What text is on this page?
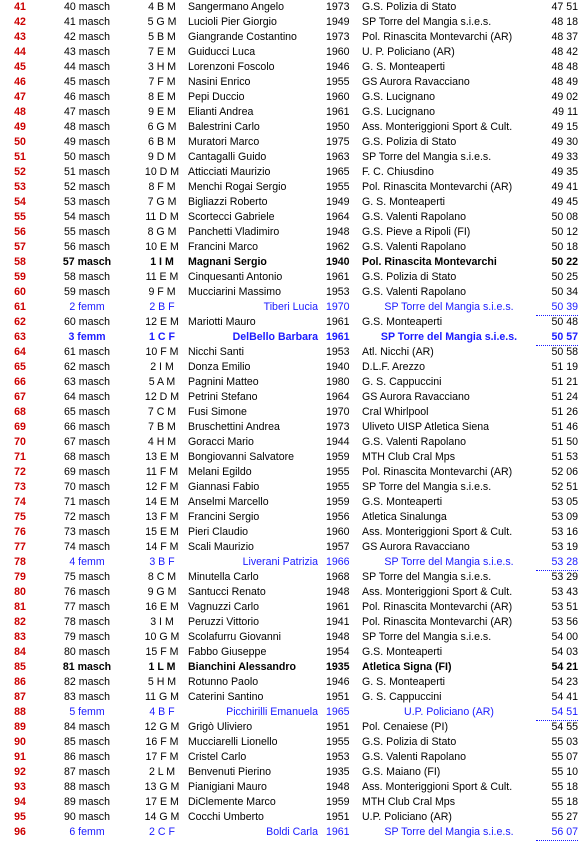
41	40 masch	4 B M	Sangermano Angelo	1973	G.S. Polizia di Stato	47 51
42	41 masch	5 G M	Lucioli Pier Giorgio	1949	SP Torre del Mangia s.i.e.s.	48 18
43	42 masch	5 B M	Giangrande Costantino	1973	Pol. Rinascita Montevarchi (AR)	48 37
44	43 masch	7 E M	Guiducci Luca	1960	U. P. Policiano (AR)	48 42
45	44 masch	3 H M	Lorenzoni Foscolo	1946	G. S. Monteaperti	48 48
46	45 masch	7 F M	Nasini Enrico	1955	GS Aurora Ravacciano	48 49
47	46 masch	8 E M	Pepi Duccio	1960	G.S. Lucignano	49 02
48	47 masch	9 E M	Elianti Andrea	1961	G.S. Lucignano	49 11
49	48 masch	6 G M	Balestrini Carlo	1950	Ass. Monteriggioni Sport & Cult.	49 15
50	49 masch	6 B M	Muratori Marco	1975	G.S. Polizia di Stato	49 30
51	50 masch	9 D M	Cantagalli Guido	1963	SP Torre del Mangia s.i.e.s.	49 33
52	51 masch	10 D M Atticciati Maurizio	1965	F. C. Chiusdino	49 35
53	52 masch	8 F M	Menchi Rogai Sergio	1955	Pol. Rinascita Montevarchi (AR)	49 41
54	53 masch	7 G M	Bigliazzi Roberto	1949	G. S. Monteaperti	49 45
55	54 masch	11 D M Scortecci Gabriele	1964	G.S. Valenti Rapolano	50 08
56	55 masch	8 G M	Panchetti Vladimiro	1948	G.S. Pieve a Ripoli (FI)	50 12
57	56 masch	10 E M Francini Marco	1962	G.S. Valenti Rapolano	50 18
58	57 masch	1 I M	Magnani Sergio	1940	Pol. Rinascita Montevarchi	50 22
59	58 masch	11 E M Cinquesanti Antonio	1961	G.S. Polizia di Stato	50 25
60	59 masch	9 F M	Mucciarini Massimo	1953	G.S. Valenti Rapolano	50 34
61	2 femm	2 B F	Tiberi Lucia 1970	SP Torre del Mangia s.i.e.s.	50 39
62	60 masch	12 E M Mariotti Mauro	1961	G.S. Monteaperti	50 48
63	3 femm	1 C F	DelBello Barbara 1961	SP Torre del Mangia s.i.e.s.	50 57
64	61 masch	10 F M Nicchi Santi	1953	Atl. Nicchi (AR)	50 58
65	62 masch	2 I M	Donza Emilio	1940	D.L.F. Arezzo	51 19
66	63 masch	5 A M	Pagnini Matteo	1980	G. S. Cappuccini	51 21
67	64 masch	12 D M Petrini Stefano	1964	GS Aurora Ravacciano	51 24
68	65 masch	7 C M	Fusi Simone	1970	Cral Whirlpool	51 26
69	66 masch	7 B M	Bruschettini Andrea	1973	Uliveto UISP Atletica Siena	51 46
70	67 masch	4 H M	Goracci Mario	1944	G.S. Valenti Rapolano	51 50
71	68 masch	13 E M Bongiovanni Salvatore	1959	MTH Club Cral Mps	51 53
72	69 masch	11 F M Melani Egildo	1955	Pol. Rinascita Montevarchi (AR)	52 06
73	70 masch	12 F M Giannasi Fabio	1955	SP Torre del Mangia s.i.e.s.	52 51
74	71 masch	14 E M Anselmi Marcello	1959	G.S. Monteaperti	53 05
75	72 masch	13 F M Francini Sergio	1956	Atletica Sinalunga	53 09
76	73 masch	15 E M Pieri Claudio	1960	Ass. Monteriggioni Sport & Cult.	53 16
77	74 masch	14 F M Scali Maurizio	1957	GS Aurora Ravacciano	53 19
78	4 femm	3 B F	Liverani Patrizia 1966	SP Torre del Mangia s.i.e.s.	53 28
79	75 masch	8 C M	Minutella Carlo	1968	SP Torre del Mangia s.i.e.s.	53 29
80	76 masch	9 G M	Santucci Renato	1948	Ass. Monteriggioni Sport & Cult.	53 43
81	77 masch	16 E M Vagnuzzi Carlo	1961	Pol. Rinascita Montevarchi (AR)	53 51
82	78 masch	3 I M	Peruzzi Vittorio	1941	Pol. Rinascita Montevarchi (AR)	53 56
83	79 masch	10 G M Scolafurru Giovanni	1948	SP Torre del Mangia s.i.e.s.	54 00
84	80 masch	15 F M Fabbo Giuseppe	1954	G.S. Monteaperti	54 03
85	81 masch	1 L M	Bianchini Alessandro	1935	Atletica Signa (FI)	54 21
86	82 masch	5 H M	Rotunno Paolo	1946	G. S. Monteaperti	54 23
87	83 masch	11 G M Caterini Santino	1951	G. S. Cappuccini	54 41
88	5 femm	4 B F	Picchirilli Emanuela 1965	U.P. Policiano (AR)	54 51
89	84 masch	12 G M Grigò Uliviero	1951	Pol. Cenaiese (PI)	54 55
90	85 masch	16 F M Mucciarelli Lionello	1955	G.S. Polizia di Stato	55 03
91	86 masch	17 F M Cristel Carlo	1953	G.S. Valenti Rapolano	55 07
92	87 masch	2 L M	Benvenuti Pierino	1935	G.S. Maiano (FI)	55 10
93	88 masch	13 G M Pianigiani Mauro	1948	Ass. Monteriggioni Sport & Cult.	55 18
94	89 masch	17 E M DiClemente Marco	1959	MTH Club Cral Mps	55 18
95	90 masch	14 G M Cocchi Umberto	1951	U.P. Policiano (AR)	55 27
96	6 femm	2 C F	Boldi Carla 1961	SP Torre del Mangia s.i.e.s.	56 07
